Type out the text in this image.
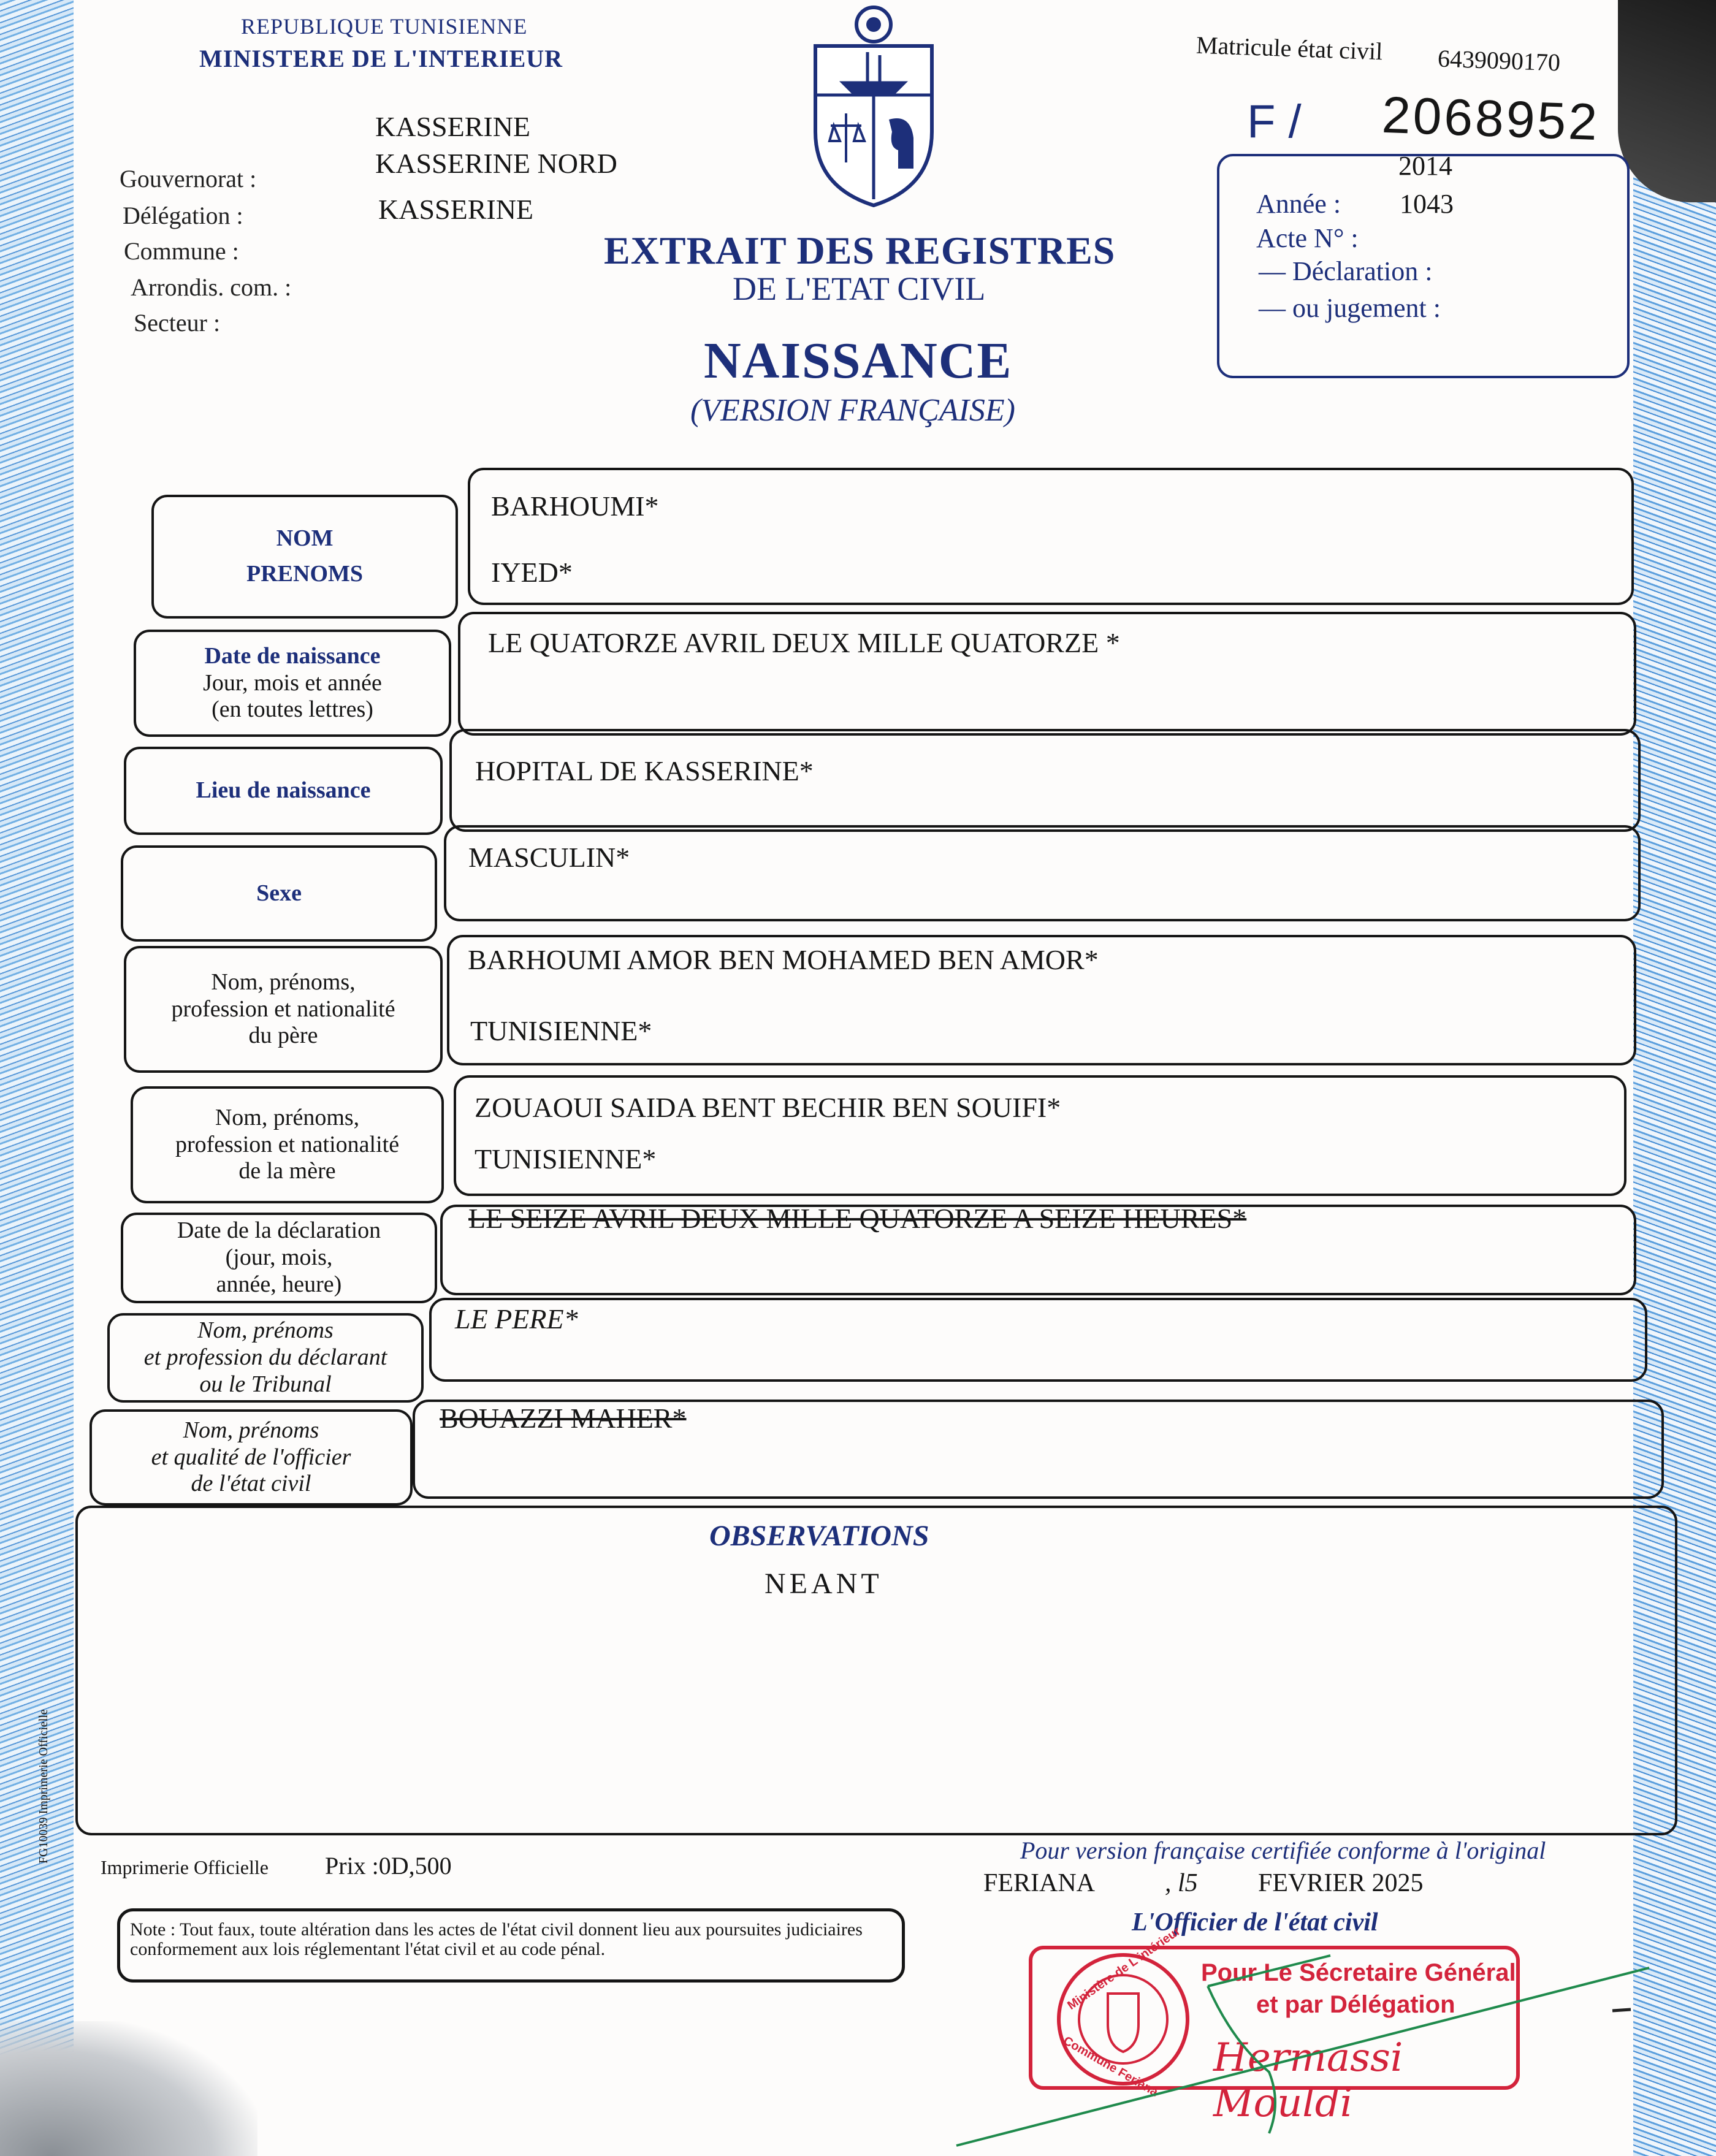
REPUBLIQUE TUNISIENNE
MINISTERE DE L'INTERIEUR
Gouvernorat :
Délégation :
Commune :
Arrondis. com. :
Secteur :
KASSERINE
KASSERINE NORD
KASSERINE
EXTRAIT DES REGISTRES
DE L'ETAT CIVIL
NAISSANCE
(VERSION FRANÇAISE)
Matricule état civil 6439090170
F / 2068952
2014
Année : 1043
Acte N° :
— Déclaration :
— ou jugement :
NOM
PRENOMS
BARHOUMI*
IYED*
Date de naissance
Jour, mois et année
(en toutes lettres)
LE QUATORZE AVRIL DEUX MILLE QUATORZE *
Lieu de naissance
HOPITAL DE KASSERINE*
Sexe
MASCULIN*
Nom, prénoms,
profession et nationalité
du père
BARHOUMI AMOR BEN MOHAMED BEN AMOR*
TUNISIENNE*
Nom, prénoms,
profession et nationalité
de la mère
ZOUAOUI SAIDA BENT BECHIR BEN SOUIFI*
TUNISIENNE*
Date de la déclaration
(jour, mois,
année, heure)
LE SEIZE AVRIL DEUX MILLE QUATORZE A SEIZE HEURES*
Nom, prénoms
et profession du déclarant
ou le Tribunal
LE PERE*
Nom, prénoms
et qualité de l'officier
de l'état civil
BOUAZZI MAHER*
OBSERVATIONS
NEANT
FG10039 Imprimerie Officielle
Imprimerie Officielle Prix :0D,500
Note : Tout faux, toute altération dans les actes de l'état civil donnent lieu aux poursuites judiciaires conformement aux lois réglementant l'état civil et au code pénal.
Pour version française certifiée conforme à l'original
FERIANA	, l5 FEVRIER 2025
L'Officier de l'état civil
Ministère de L'intérieur
Commune Feriana
Pour Le Sécretaire Général
et par Délégation
Hermassi Mouldi
